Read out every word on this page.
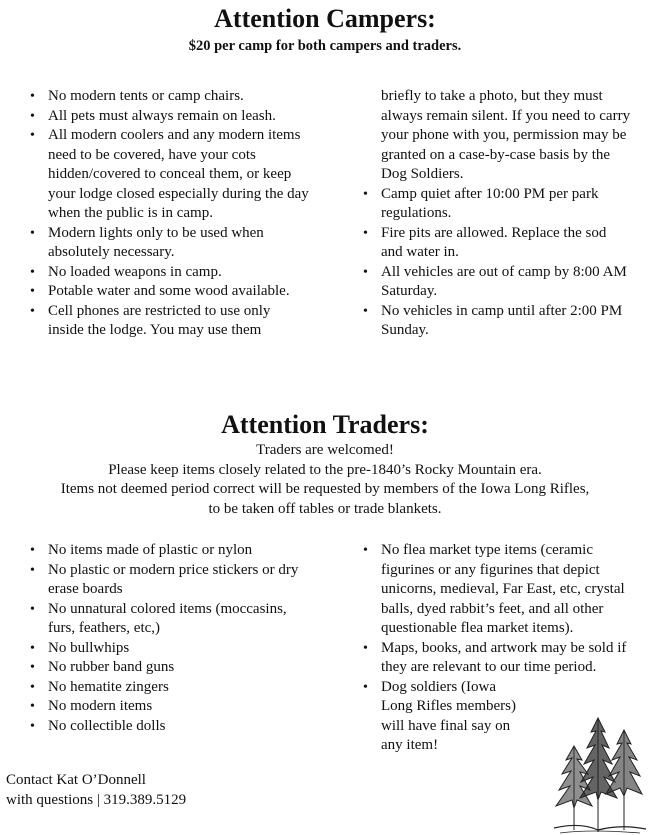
Attention Campers:
$20 per camp for both campers and traders.
• No modern tents or camp chairs.
• All pets must always remain on leash.
• All modern coolers and any modern items need to be covered, have your cots hidden/covered to conceal them, or keep your lodge closed especially during the day when the public is in camp.
• Modern lights only to be used when absolutely necessary.
• No loaded weapons in camp.
• Potable water and some wood available.
• Cell phones are restricted to use only inside the lodge. You may use them
briefly to take a photo, but they must always remain silent. If you need to carry your phone with you, permission may be granted on a case-by-case basis by the Dog Soldiers.
• Camp quiet after 10:00 PM per park regulations.
• Fire pits are allowed. Replace the sod and water in.
• All vehicles are out of camp by 8:00 AM Saturday.
• No vehicles in camp until after 2:00 PM Sunday.
Attention Traders:
Traders are welcomed!
Please keep items closely related to the pre-1840’s Rocky Mountain era.
Items not deemed period correct will be requested by members of the Iowa Long Rifles,
to be taken off tables or trade blankets.
• No items made of plastic or nylon
• No plastic or modern price stickers or dry erase boards
• No unnatural colored items (moccasins, furs, feathers, etc,)
• No bullwhips
• No rubber band guns
• No hematite zingers
• No modern items
• No collectible dolls
• No flea market type items (ceramic figurines or any figurines that depict unicorns, medieval, Far East, etc, crystal balls, dyed rabbit’s feet, and all other questionable flea market items).
• Maps, books, and artwork may be sold if they are relevant to our time period.
• Dog soldiers (Iowa Long Rifles members) will have final say on any item!
Contact Kat O’Donnell
with questions | 319.389.5129
